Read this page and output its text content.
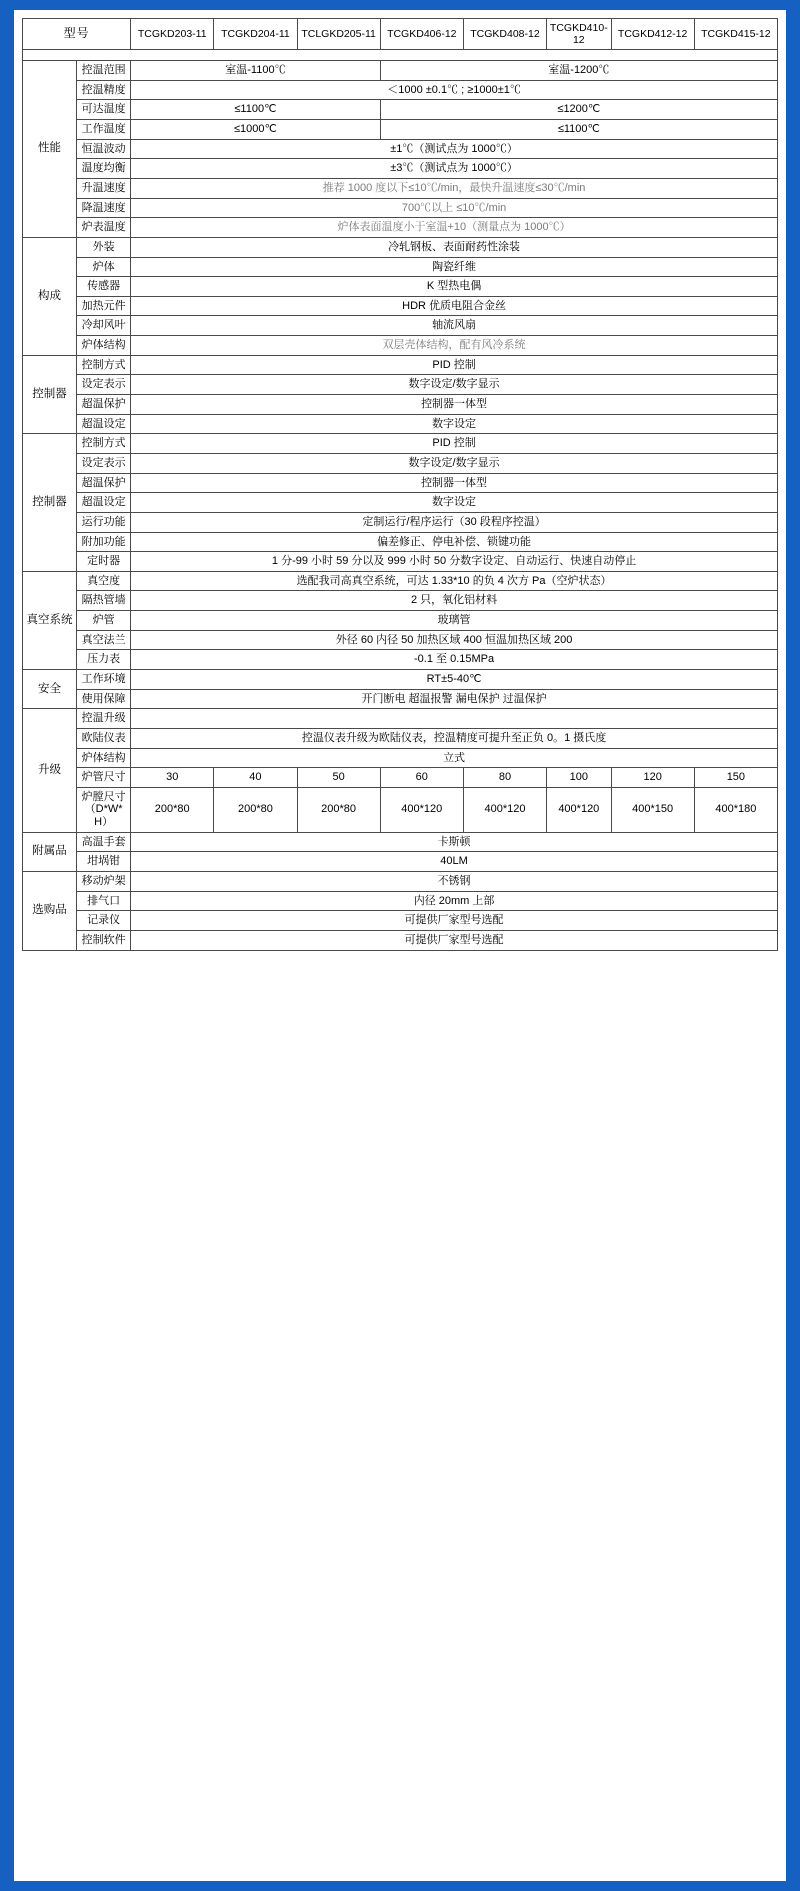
型号		TCGKD203-11	TCGKD204-11	TCLGKD205-11	TCGKD406-12	TCGKD408-12	TCGKD410-12	TCGKD412-12	TCGKD415-12

性能	控温范围	室温-1100℃			室温-1200℃				
	控温精度	＜1000 ±0.1℃ ; ≥1000±1℃							
	可达温度	≤1100℃			≤1200℃				
	工作温度	≤1000℃			≤1100℃				
	恒温波动	±1℃（测试点为 1000℃）							
	温度均衡	±3℃（测试点为 1000℃）							
	升温速度	推荐 1000 度以下≤10℃/min，最快升温速度≤30℃/min							
	降温速度	700℃以上 ≤10℃/min							
	炉表温度	炉体表面温度小于室温+10（测量点为 1000℃）							
构成	外装	冷轧钢板、表面耐药性涂装							
	炉体	陶瓷纤维							
	传感器	K 型热电偶							
	加热元件	HDR 优质电阻合金丝							
	冷却风叶	轴流风扇							
	炉体结构	双层壳体结构，配有风冷系统							
控制器	控制方式	PID 控制							
	设定表示	数字设定/数字显示							
	超温保护	控制器一体型							
	超温设定	数字设定							
控制器	控制方式	PID 控制							
	设定表示	数字设定/数字显示							
	超温保护	控制器一体型							
	超温设定	数字设定							
	运行功能	定制运行/程序运行（30 段程序控温）							
	附加功能	偏差修正、停电补偿、锁键功能							
	定时器	1 分-99 小时 59 分以及 999 小时 50 分数字设定、自动运行、快速自动停止							
真空系统	真空度	选配我司高真空系统，可达 1.33*10 的负 4 次方 Pa（空炉状态）							
	隔热管墙	2 只，氧化铝材料							
	炉管	玻璃管							
	真空法兰	外径 60 内径 50 加热区域 400 恒温加热区域 200							
	压力表	-0.1 至 0.15MPa							
安全	工作环境	RT±5-40℃							
	使用保障	开门断电 超温报警 漏电保护 过温保护							
升级	控温升级								
	欧陆仪表	控温仪表升级为欧陆仪表，控温精度可提升至正负 0。1 摄氏度							
	炉体结构	立式							
	炉管尺寸	30	40	50	60	80	100	120	150
	炉膛尺寸（D*W*H）	200*80	200*80	200*80	400*120	400*120	400*120	400*150	400*180
附属品	高温手套	卡斯顿							
	坩埚钳	40LM							
选购品	移动炉架	不锈钢							
	排气口	内径 20mm 上部							
	记录仪	可提供厂家型号选配							
	控制软件	可提供厂家型号选配							
